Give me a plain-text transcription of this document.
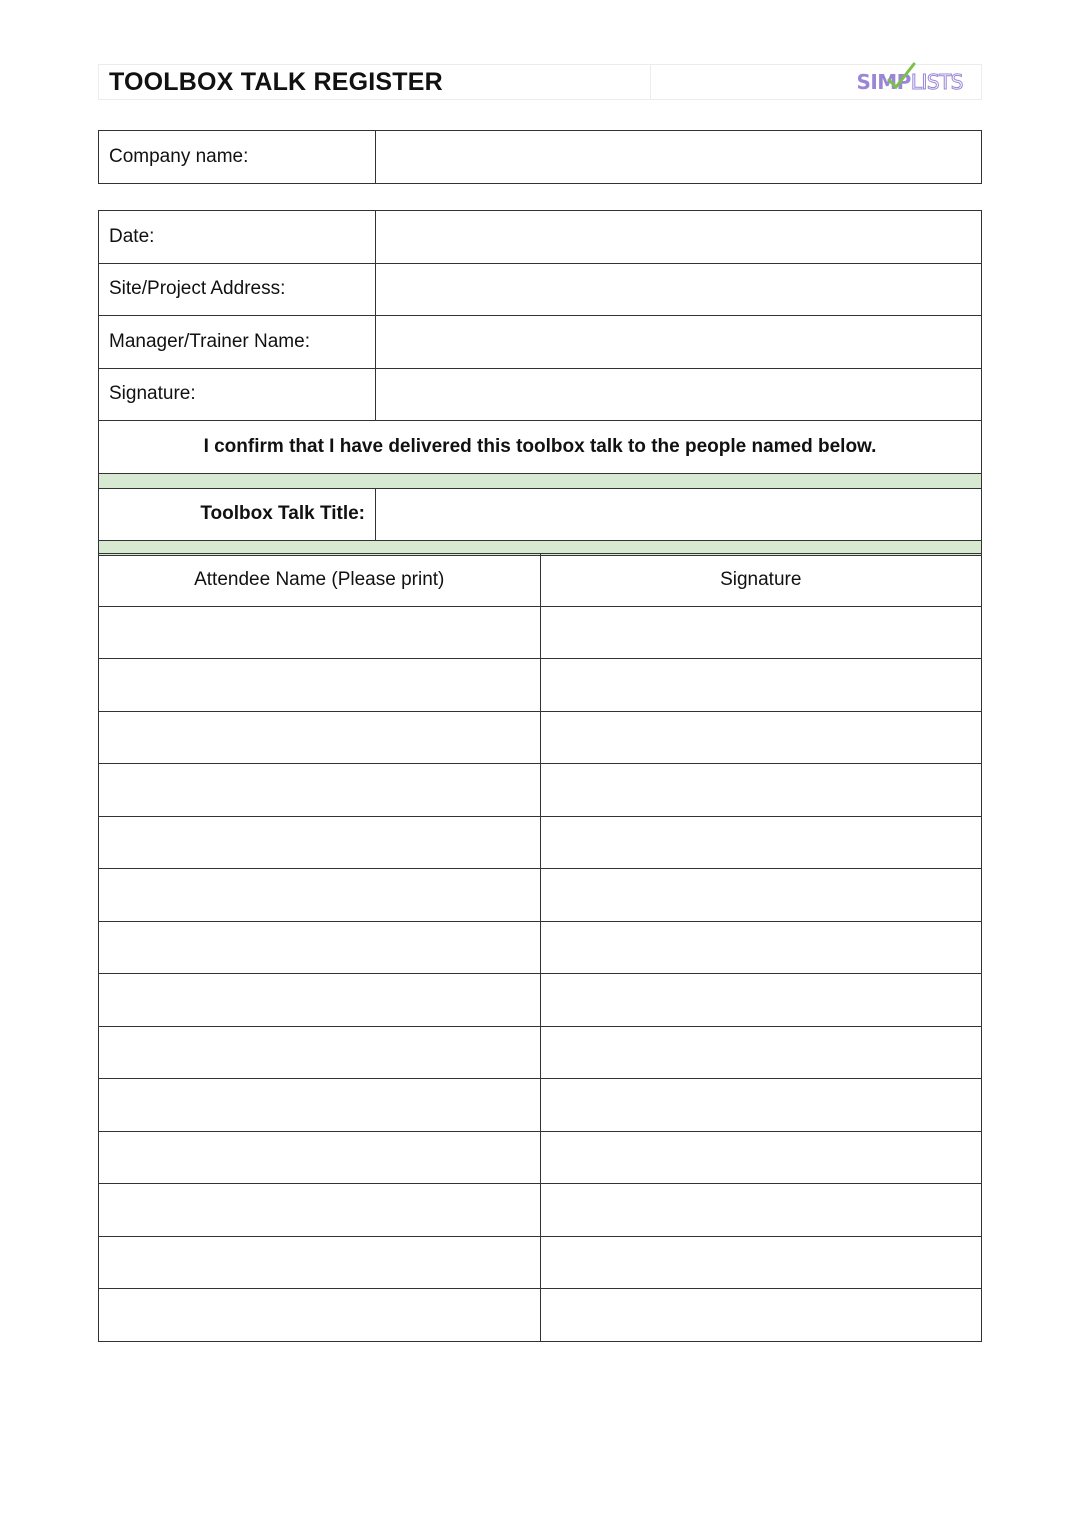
TOOLBOX TALK REGISTER	SIMPLISTS
Company name:	
Date:	
Site/Project Address:	
Manager/Trainer Name:	
Signature:	
I confirm that I have delivered this toolbox talk to the people named below.	

Toolbox Talk Title:	

Attendee Name (Please print)	Signature
